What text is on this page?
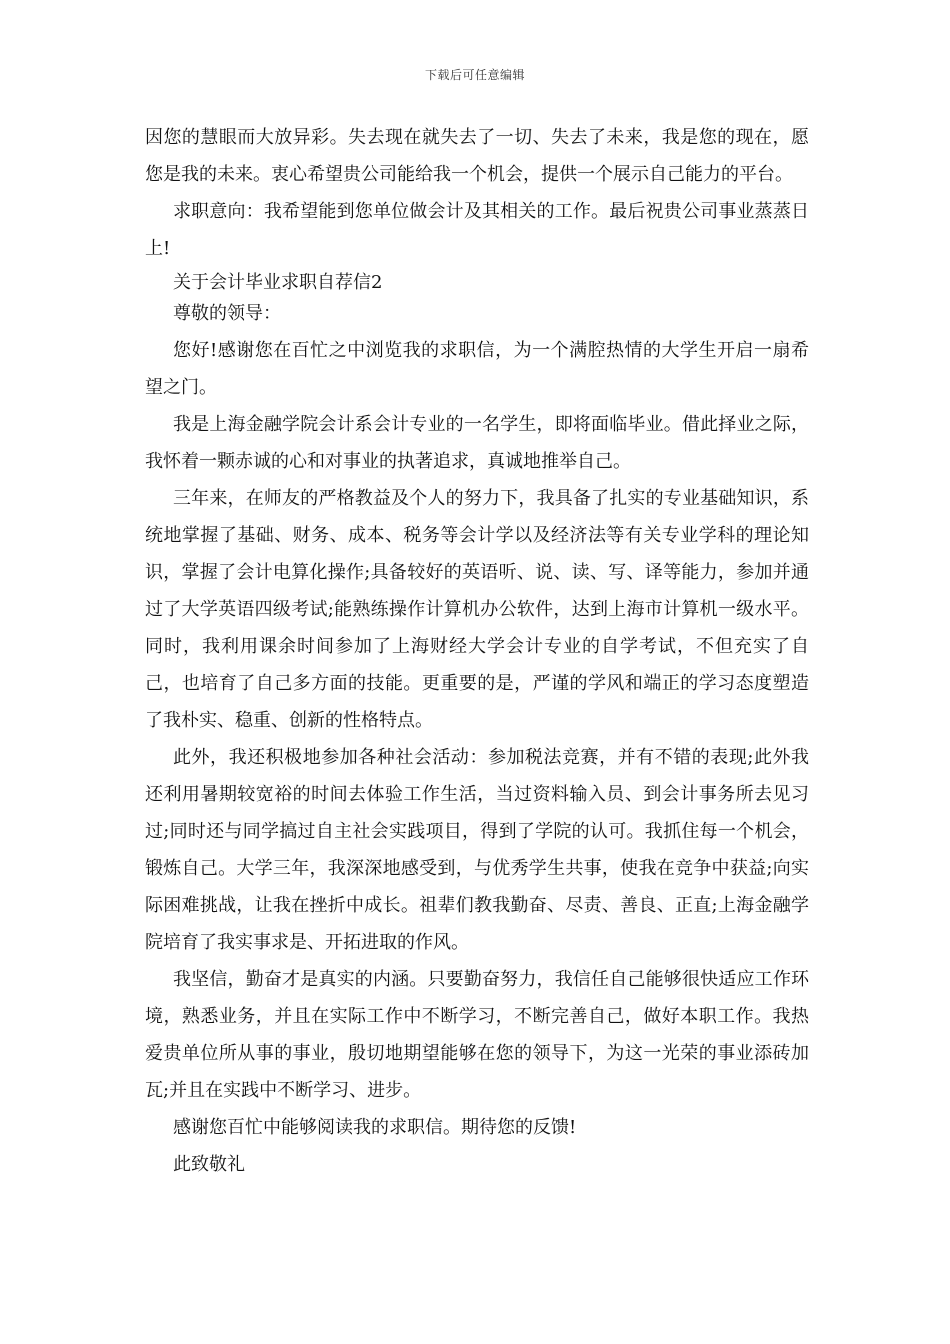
下载后可任意编辑

因您的慧眼而大放异彩。失去现在就失去了一切、失去了未来，我是您的现在，愿您是我的未来。衷心希望贵公司能给我一个机会，提供一个展示自己能力的平台。

求职意向：我希望能到您单位做会计及其相关的工作。最后祝贵公司事业蒸蒸日上!

关于会计毕业求职自荐信2

尊敬的领导：

您好!感谢您在百忙之中浏览我的求职信，为一个满腔热情的大学生开启一扇希望之门。

我是上海金融学院会计系会计专业的一名学生，即将面临毕业。借此择业之际，我怀着一颗赤诚的心和对事业的执著追求，真诚地推举自己。

三年来，在师友的严格教益及个人的努力下，我具备了扎实的专业基础知识，系统地掌握了基础、财务、成本、税务等会计学以及经济法等有关专业学科的理论知识，掌握了会计电算化操作;具备较好的英语听、说、读、写、译等能力，参加并通过了大学英语四级考试;能熟练操作计算机办公软件，达到上海市计算机一级水平。同时，我利用课余时间参加了上海财经大学会计专业的自学考试，不但充实了自己，也培育了自己多方面的技能。更重要的是，严谨的学风和端正的学习态度塑造了我朴实、稳重、创新的性格特点。

此外，我还积极地参加各种社会活动：参加税法竞赛，并有不错的表现;此外我还利用暑期较宽裕的时间去体验工作生活，当过资料输入员、到会计事务所去见习过;同时还与同学搞过自主社会实践项目，得到了学院的认可。我抓住每一个机会，锻炼自己。大学三年，我深深地感受到，与优秀学生共事，使我在竞争中获益;向实际困难挑战，让我在挫折中成长。祖辈们教我勤奋、尽责、善良、正直;上海金融学院培育了我实事求是、开拓进取的作风。

我坚信，勤奋才是真实的内涵。只要勤奋努力，我信任自己能够很快适应工作环境，熟悉业务，并且在实际工作中不断学习，不断完善自己，做好本职工作。我热爱贵单位所从事的事业，殷切地期望能够在您的领导下，为这一光荣的事业添砖加瓦;并且在实践中不断学习、进步。

感谢您百忙中能够阅读我的求职信。期待您的反馈!

此致敬礼
